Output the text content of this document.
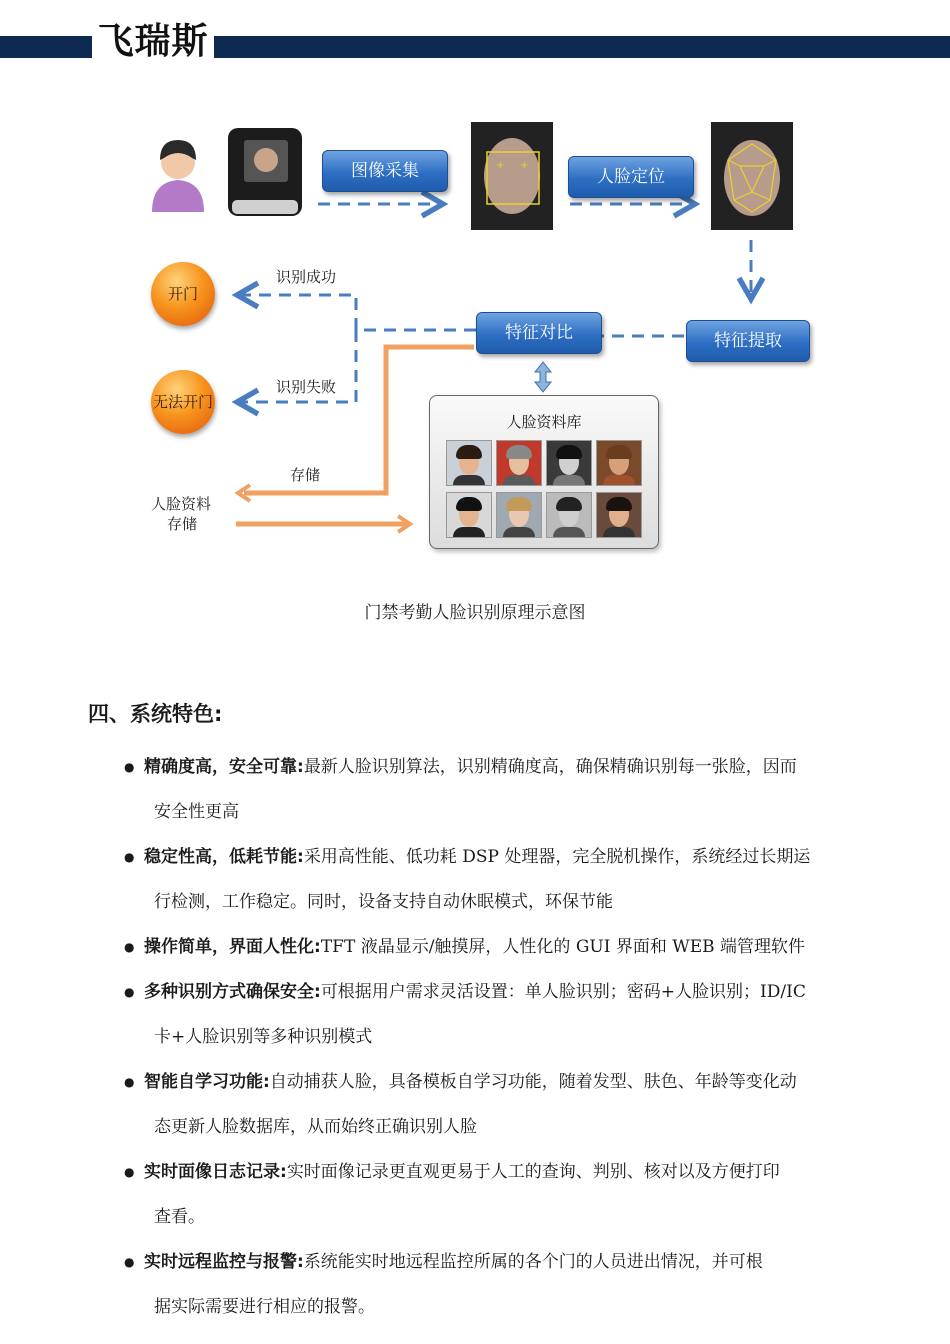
飞瑞斯
+ +
图像采集	人脸定位
特征提取
特征对比
开门
无法开门
识别成功
识别失败
存储
人脸资料
存储
人脸资料库
门禁考勤人脸识别原理示意图
四、系统特色:
● 精确度高，安全可靠:最新人脸识别算法，识别精确度高，确保精确识别每一张脸，因而
安全性更高
● 稳定性高，低耗节能:采用高性能、低功耗 DSP 处理器，完全脱机操作，系统经过长期运
行检测，工作稳定。同时，设备支持自动休眠模式，环保节能
● 操作简单，界面人性化:TFT 液晶显示/触摸屏，人性化的 GUI 界面和 WEB 端管理软件
● 多种识别方式确保安全:可根据用户需求灵活设置：单人脸识别；密码+人脸识别；ID/IC
卡+人脸识别等多种识别模式
● 智能自学习功能:自动捕获人脸，具备模板自学习功能，随着发型、肤色、年龄等变化动
态更新人脸数据库，从而始终正确识别人脸
● 实时面像日志记录:实时面像记录更直观更易于人工的查询、判别、核对以及方便打印
查看。
● 实时远程监控与报警:系统能实时地远程监控所属的各个门的人员进出情况，并可根
据实际需要进行相应的报警。
